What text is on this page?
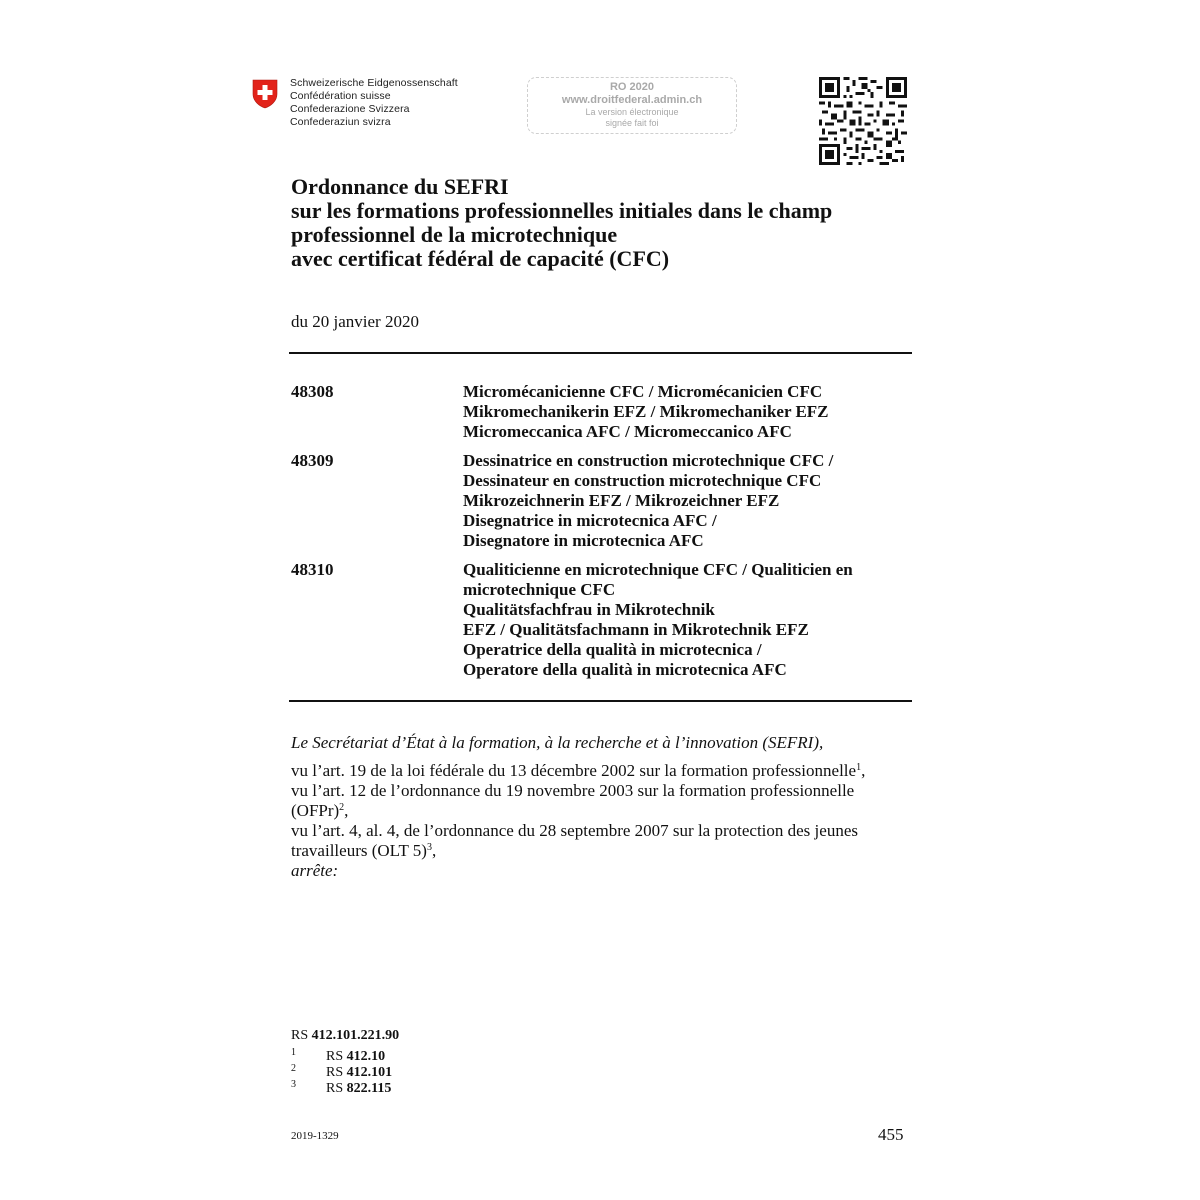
Schweizerische Eidgenossenschaft
Confédération suisse
Confederazione Svizzera
Confederaziun svizra
RO 2020
www.droitfederal.admin.ch
La version électronique
signée fait foi
Ordonnance du SEFRI
sur les formations professionnelles initiales dans le champ
professionnel de la microtechnique
avec certificat fédéral de capacité (CFC)
du 20 janvier 2020
48308	Micromécanicienne CFC / Micromécanicien CFC
Mikromechanikerin EFZ / Mikromechaniker EFZ
Micromeccanica AFC / Micromeccanico AFC
48309	Dessinatrice en construction microtechnique CFC /
Dessinateur en construction microtechnique CFC
Mikrozeichnerin EFZ / Mikrozeichner EFZ
Disegnatrice in microtecnica AFC /
Disegnatore in microtecnica AFC
48310	Qualiticienne en microtechnique CFC / Qualiticien en
microtechnique CFC
Qualitätsfachfrau in Mikrotechnik
EFZ / Qualitätsfachmann in Mikrotechnik EFZ
Operatrice della qualità in microtecnica /
Operatore della qualità in microtecnica AFC
Le Secrétariat d’État à la formation, à la recherche et à l’innovation (SEFRI),
vu l’art. 19 de la loi fédérale du 13 décembre 2002 sur la formation professionnelle$^1$,
vu l’art. 12 de l’ordonnance du 19 novembre 2003 sur la formation professionnelle
(OFPr)$^2$,
vu l’art. 4, al. 4, de l’ordonnance du 28 septembre 2007 sur la protection des jeunes
travailleurs (OLT 5)$^3$,
arrête:
RS 412.101.221.90
1 RS 412.10
2 RS 412.101
3 RS 822.115
2019-1329	455
